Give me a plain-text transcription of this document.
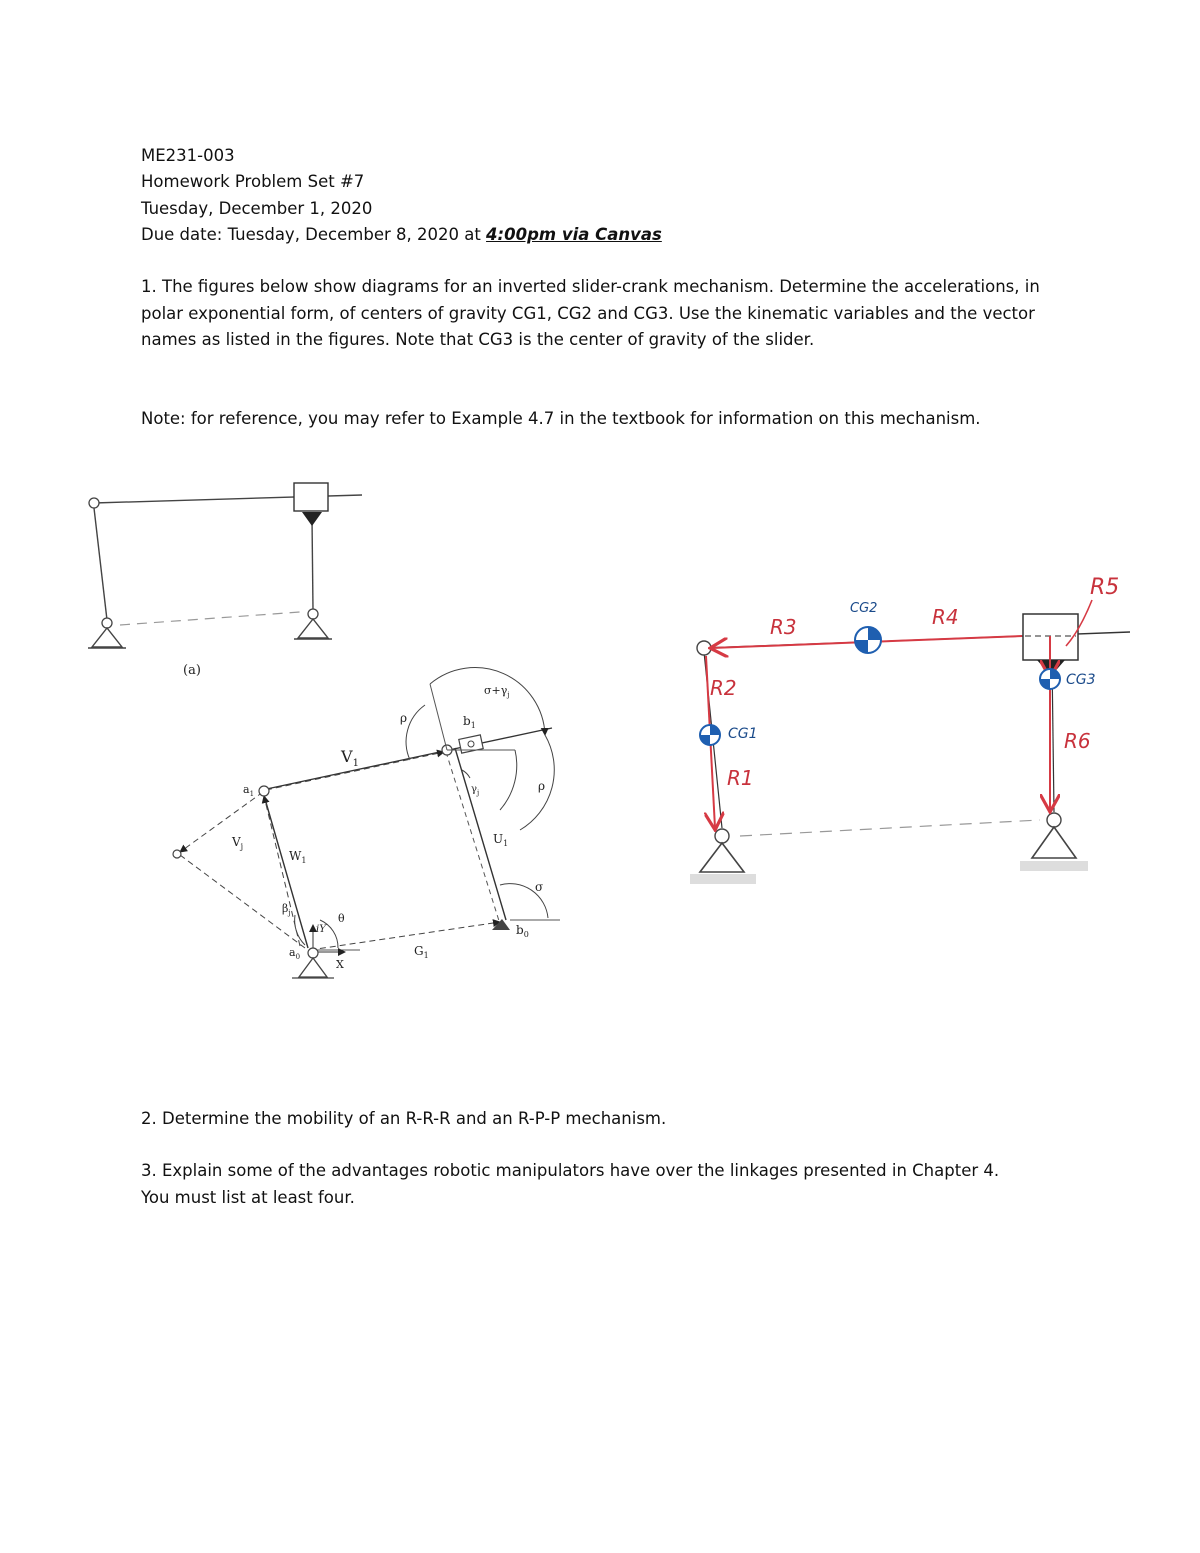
ME231-003
Homework Problem Set #7
Tuesday, December 1, 2020
Due date: Tuesday, December 8, 2020 at 4:00pm via Canvas
1. The figures below show diagrams for an inverted slider-crank mechanism. Determine the accelerations, in polar exponential form, of centers of gravity CG1, CG2 and CG3. Use the kinematic variables and the vector names as listed in the figures. Note that CG3 is the center of gravity of the slider.
Note: for reference, you may refer to Example 4.7 in the textbook for information on this mechanism.
(a)
$V_1$
$V_j$
$W_1$
$U_1$
$G_1$
$b_1$
$b_0$
$a_1$
$a_0$
ρ
ρ
$\sigma+\gamma_j$
$\gamma_j$
σ
$\beta_j$	θ
iY
X
R2
R1
R3	R4
R5
R6
CG1
CG2
CG3
2. Determine the mobility of an R-R-R and an R-P-P mechanism.
3. Explain some of the advantages robotic manipulators have over the linkages presented in Chapter 4.
You must list at least four.
